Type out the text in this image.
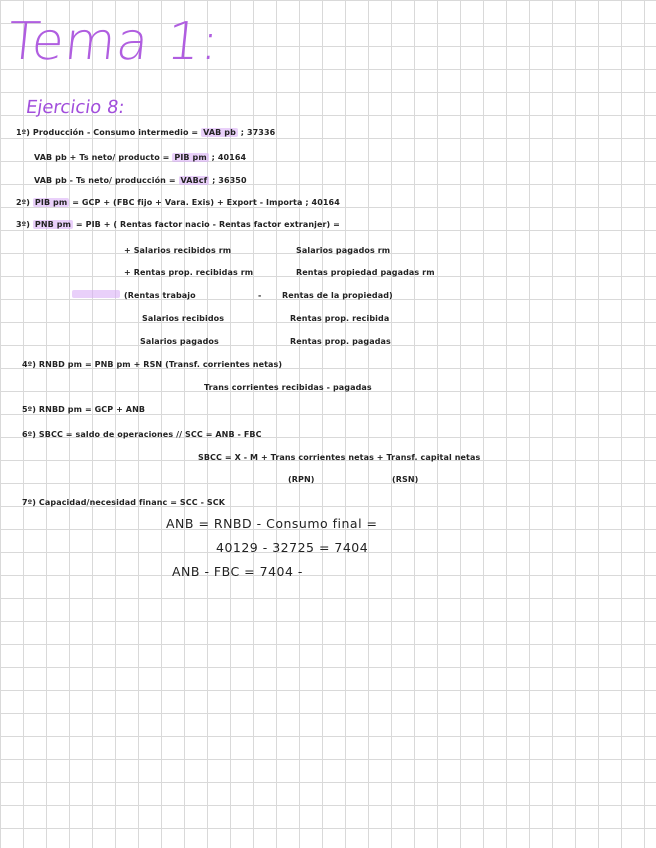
Tema 1:
Ejercicio 8:
1º) Producción - Consumo intermedio = VAB pb ; 37336
VAB pb + Ts neto/ producto = PIB pm ; 40164
VAB pb - Ts neto/ producción = VABcf ; 36350
2º) PIB pm = GCP + (FBC fijo + Vara. Exis) + Export - Importa ; 40164
3º) PNB pm = PIB + ( Rentas factor nacio - Rentas factor extranjer) =
+ Salarios recibidos rm	Salarios pagados rm
+ Rentas prop. recibidas rm	Rentas propiedad pagadas rm
(Rentas trabajo	-	Rentas de la propiedad)
Salarios recibidos	Rentas prop. recibida
Salarios pagados	Rentas prop. pagadas
4º) RNBD pm = PNB pm + RSN (Transf. corrientes netas)
Trans corrientes recibidas - pagadas
5º) RNBD pm = GCP + ANB
6º) SBCC = saldo de operaciones // SCC = ANB - FBC
SBCC = X - M + Trans corrientes netas + Transf. capital netas
(RPN)	(RSN)
7º) Capacidad/necesidad financ = SCC - SCK
ANB = RNBD - Consumo final =
40129 - 32725 = 7404
ANB - FBC = 7404 -
